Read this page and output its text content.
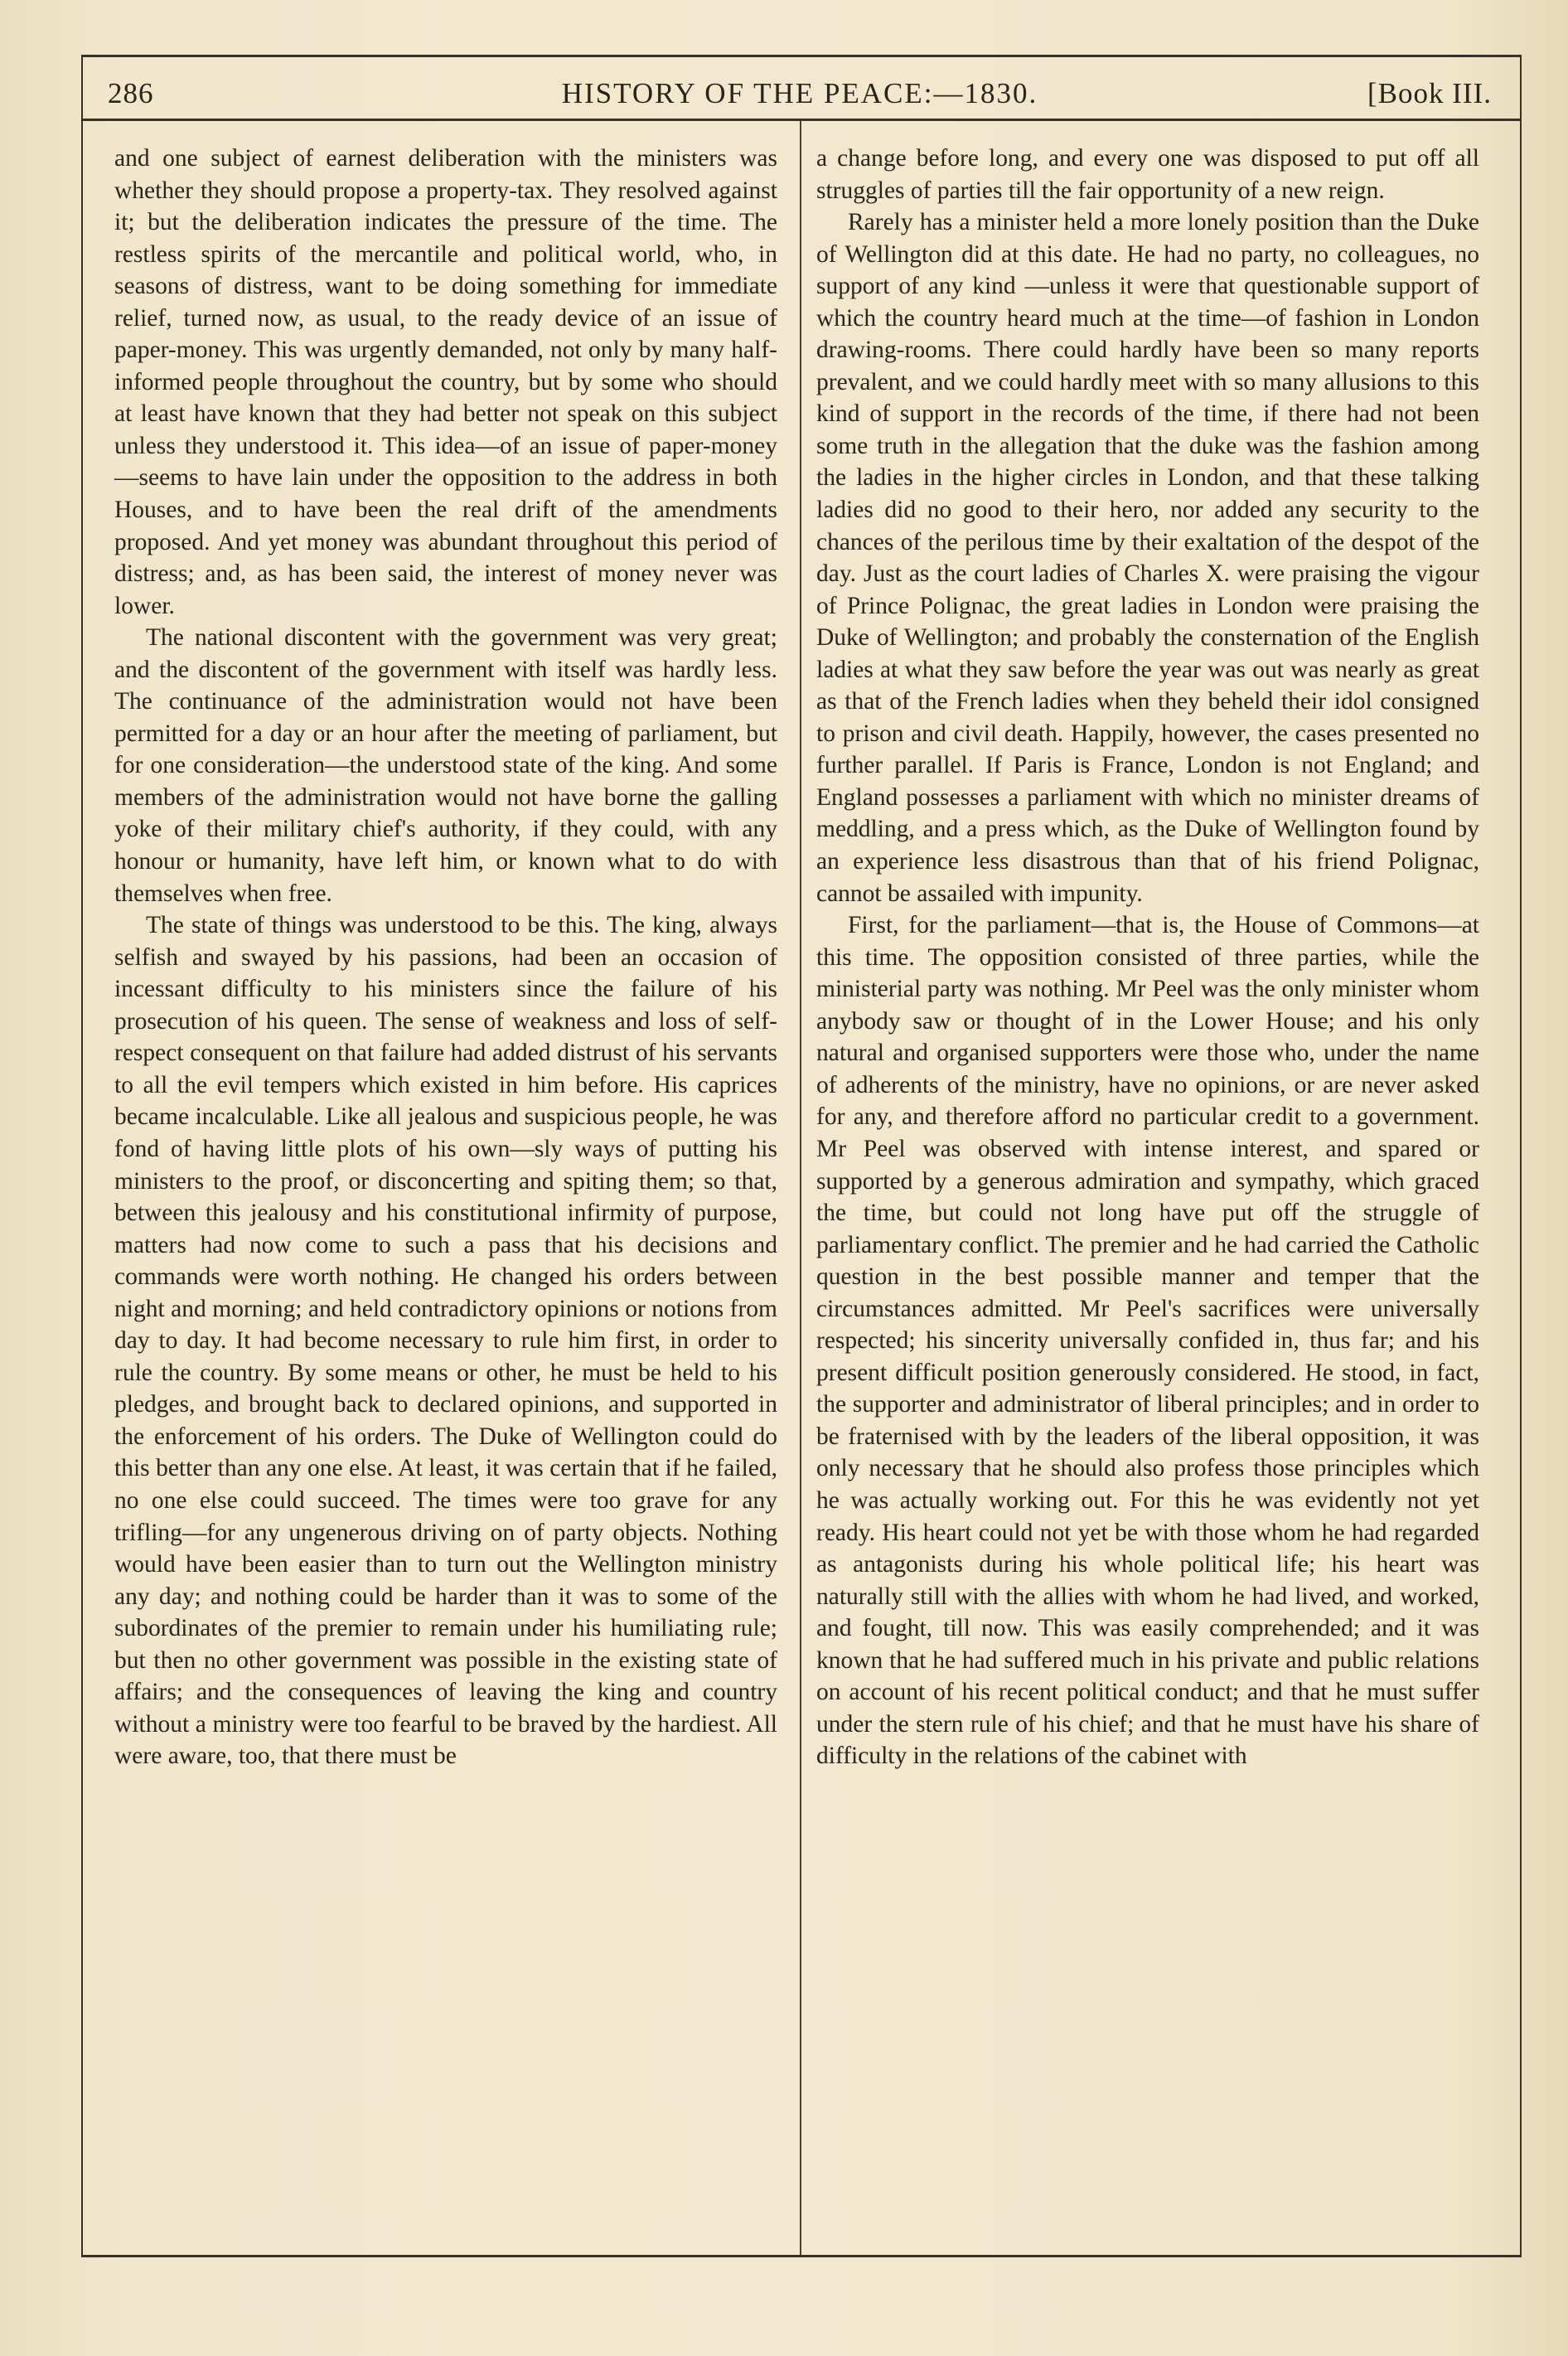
286	HISTORY OF THE PEACE:—1830.	[Book III.

and one subject of earnest deliberation with the ministers was whether they should propose a property-tax. They resolved against it; but the deliberation indicates the pressure of the time. The restless spirits of the mercantile and political world, who, in seasons of distress, want to be doing something for immediate relief, turned now, as usual, to the ready device of an issue of paper-money. This was urgently demanded, not only by many half-informed people throughout the country, but by some who should at least have known that they had better not speak on this subject unless they understood it. This idea—of an issue of paper-money —seems to have lain under the opposition to the address in both Houses, and to have been the real drift of the amendments proposed. And yet money was abundant throughout this period of distress; and, as has been said, the interest of money never was lower.

The national discontent with the government was very great; and the discontent of the government with itself was hardly less. The continuance of the administration would not have been permitted for a day or an hour after the meeting of parliament, but for one consideration—the understood state of the king. And some members of the administration would not have borne the galling yoke of their military chief's authority, if they could, with any honour or humanity, have left him, or known what to do with themselves when free.

The state of things was understood to be this. The king, always selfish and swayed by his passions, had been an occasion of incessant difficulty to his ministers since the failure of his prosecution of his queen. The sense of weakness and loss of self-respect consequent on that failure had added distrust of his servants to all the evil tempers which existed in him before. His caprices became incalculable. Like all jealous and suspicious people, he was fond of having little plots of his own—sly ways of putting his ministers to the proof, or disconcerting and spiting them; so that, between this jealousy and his constitutional infirmity of purpose, matters had now come to such a pass that his decisions and commands were worth nothing. He changed his orders between night and morning; and held contradictory opinions or notions from day to day. It had become necessary to rule him first, in order to rule the country. By some means or other, he must be held to his pledges, and brought back to declared opinions, and supported in the enforcement of his orders. The Duke of Wellington could do this better than any one else. At least, it was certain that if he failed, no one else could succeed. The times were too grave for any trifling—for any ungenerous driving on of party objects. Nothing would have been easier than to turn out the Wellington ministry any day; and nothing could be harder than it was to some of the subordinates of the premier to remain under his humiliating rule; but then no other government was possible in the existing state of affairs; and the consequences of leaving the king and country without a ministry were too fearful to be braved by the hardiest. All were aware, too, that there must be

a change before long, and every one was disposed to put off all struggles of parties till the fair opportunity of a new reign.

Rarely has a minister held a more lonely position than the Duke of Wellington did at this date. He had no party, no colleagues, no support of any kind —unless it were that questionable support of which the country heard much at the time—of fashion in London drawing-rooms. There could hardly have been so many reports prevalent, and we could hardly meet with so many allusions to this kind of support in the records of the time, if there had not been some truth in the allegation that the duke was the fashion among the ladies in the higher circles in London, and that these talking ladies did no good to their hero, nor added any security to the chances of the perilous time by their exaltation of the despot of the day. Just as the court ladies of Charles X. were praising the vigour of Prince Polignac, the great ladies in London were praising the Duke of Wellington; and probably the consternation of the English ladies at what they saw before the year was out was nearly as great as that of the French ladies when they beheld their idol consigned to prison and civil death. Happily, however, the cases presented no further parallel. If Paris is France, London is not England; and England possesses a parliament with which no minister dreams of meddling, and a press which, as the Duke of Wellington found by an experience less disastrous than that of his friend Polignac, cannot be assailed with impunity.

First, for the parliament—that is, the House of Commons—at this time. The opposition consisted of three parties, while the ministerial party was nothing. Mr Peel was the only minister whom anybody saw or thought of in the Lower House; and his only natural and organised supporters were those who, under the name of adherents of the ministry, have no opinions, or are never asked for any, and therefore afford no particular credit to a government. Mr Peel was observed with intense interest, and spared or supported by a generous admiration and sympathy, which graced the time, but could not long have put off the struggle of parliamentary conflict. The premier and he had carried the Catholic question in the best possible manner and temper that the circumstances admitted. Mr Peel's sacrifices were universally respected; his sincerity universally confided in, thus far; and his present difficult position generously considered. He stood, in fact, the supporter and administrator of liberal principles; and in order to be fraternised with by the leaders of the liberal opposition, it was only necessary that he should also profess those principles which he was actually working out. For this he was evidently not yet ready. His heart could not yet be with those whom he had regarded as antagonists during his whole political life; his heart was naturally still with the allies with whom he had lived, and worked, and fought, till now. This was easily comprehended; and it was known that he had suffered much in his private and public relations on account of his recent political conduct; and that he must suffer under the stern rule of his chief; and that he must have his share of difficulty in the relations of the cabinet with
